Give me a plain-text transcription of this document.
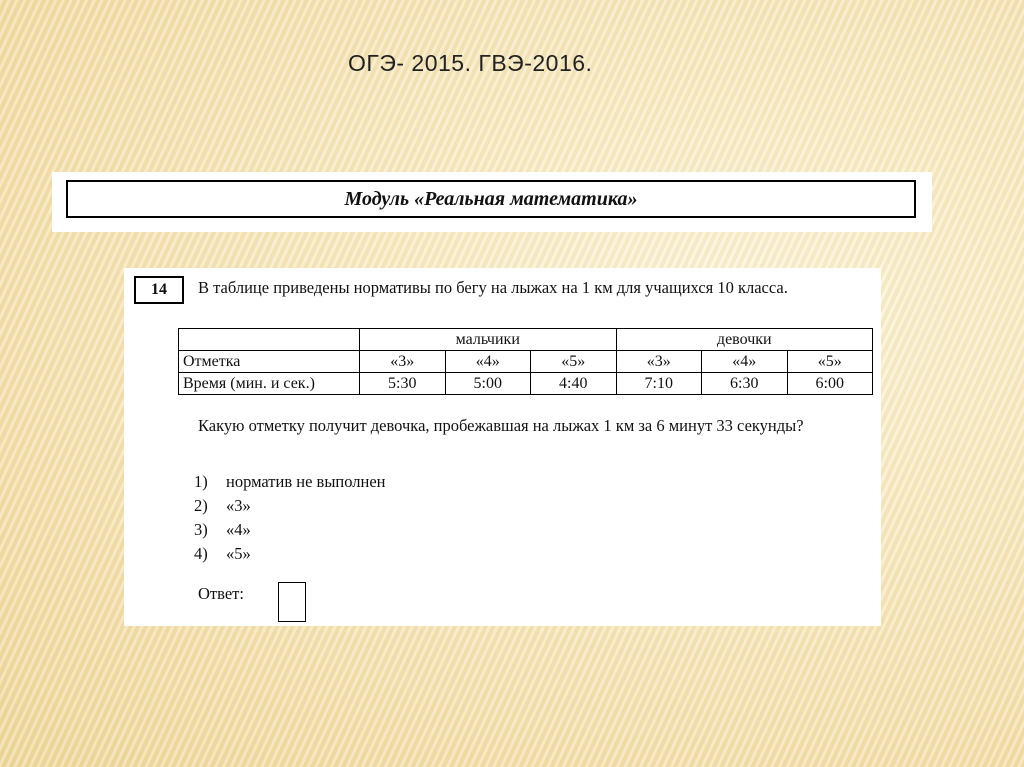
ОГЭ- 2015. ГВЭ-2016.
Модуль «Реальная математика»
14	В таблице приведены нормативы по бегу на лыжах на 1 км для учащихся 10 класса.
	мальчики			девочки		
Отметка	«3»	«4»	«5»	«3»	«4»	«5»
Время (мин. и сек.)	5:30	5:00	4:40	7:10	6:30	6:00
Какую отметку получит девочка, пробежавшая на лыжах 1 км за 6 минут 33 секунды?
1)	норматив не выполнен
2)	«3»
3)	«4»
4)	«5»
Ответ:
